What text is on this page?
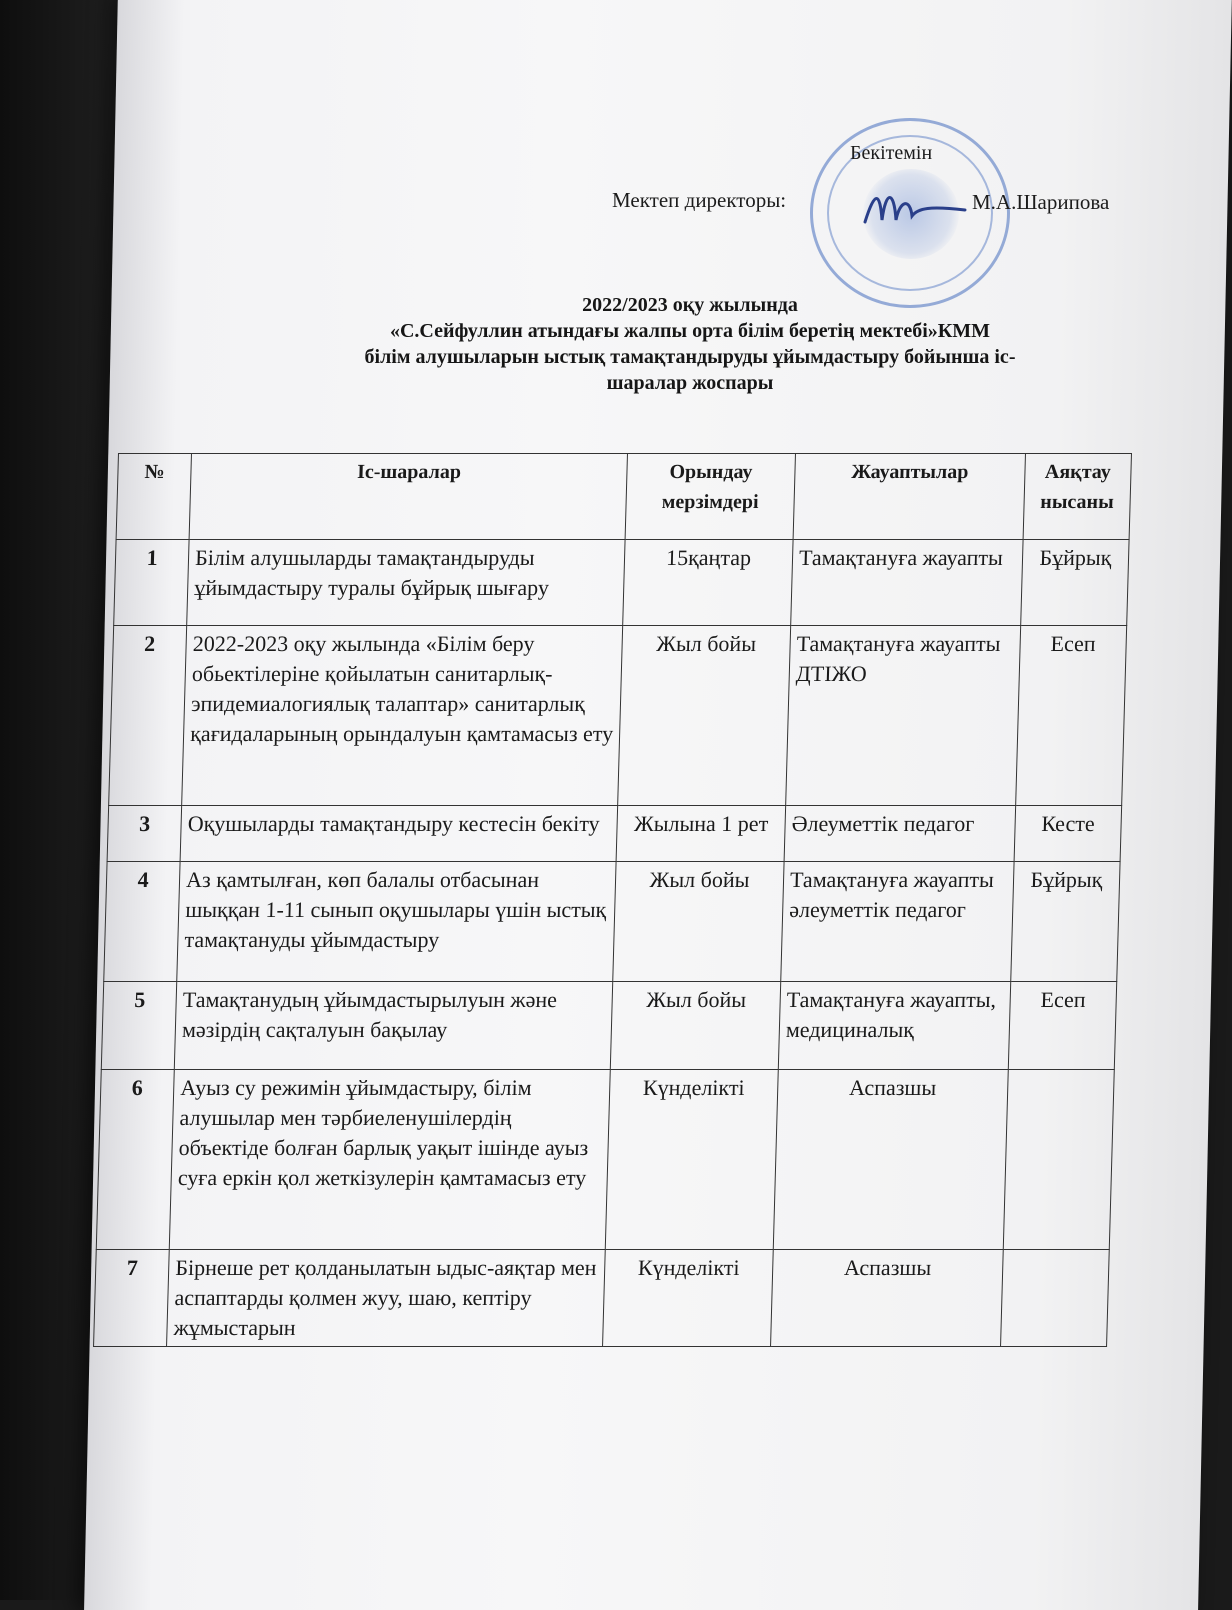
Бекітемін
Мектеп директоры:	М.А.Шарипова
2022/2023 оқу жылында
«С.Сейфуллин атындағы жалпы орта білім беретің мектебі»КММ
білім алушыларын ыстық тамақтандыруды ұйымдастыру бойынша іс-
шаралар жоспары
№	Іс-шаралар	Орындау мерзімдері	Жауаптылар	Аяқтау нысаны
1	Білім алушыларды тамақтандыруды ұйымдастыру туралы бұйрық шығару	15қаңтар	Тамақтануға жауапты	Бұйрық
2	2022-2023 оқу жылында «Білім беру обьектілеріне қойылатын санитарлық-эпидемиалогиялық талаптар» санитарлық қағидаларының орындалуын қамтамасыз ету	Жыл бойы	Тамақтануға жауапты ДТІЖО	Есеп
3	Оқушыларды тамақтандыру кестесін бекіту	Жылына 1 рет	Әлеуметтік педагог	Кесте
4	Аз қамтылған, көп балалы отбасынан шыққан 1-11 сынып оқушылары үшін ыстық тамақтануды ұйымдастыру	Жыл бойы	Тамақтануға жауапты әлеуметтік педагог	Бұйрық
5	Тамақтанудың ұйымдастырылуын және мәзірдің сақталуын бақылау	Жыл бойы	Тамақтануға жауапты, медициналық	Есеп
6	Ауыз су режимін ұйымдастыру, білім алушылар мен тәрбиеленушілердің объектіде болған барлық уақыт ішінде ауыз суға еркін қол жеткізулерін қамтамасыз ету	Күнделікті	Аспазшы	
7	Бірнеше рет қолданылатын ыдыс-аяқтар мен аспаптарды қолмен жуу, шаю, кептіру жұмыстарын	Күнделікті	Аспазшы	
